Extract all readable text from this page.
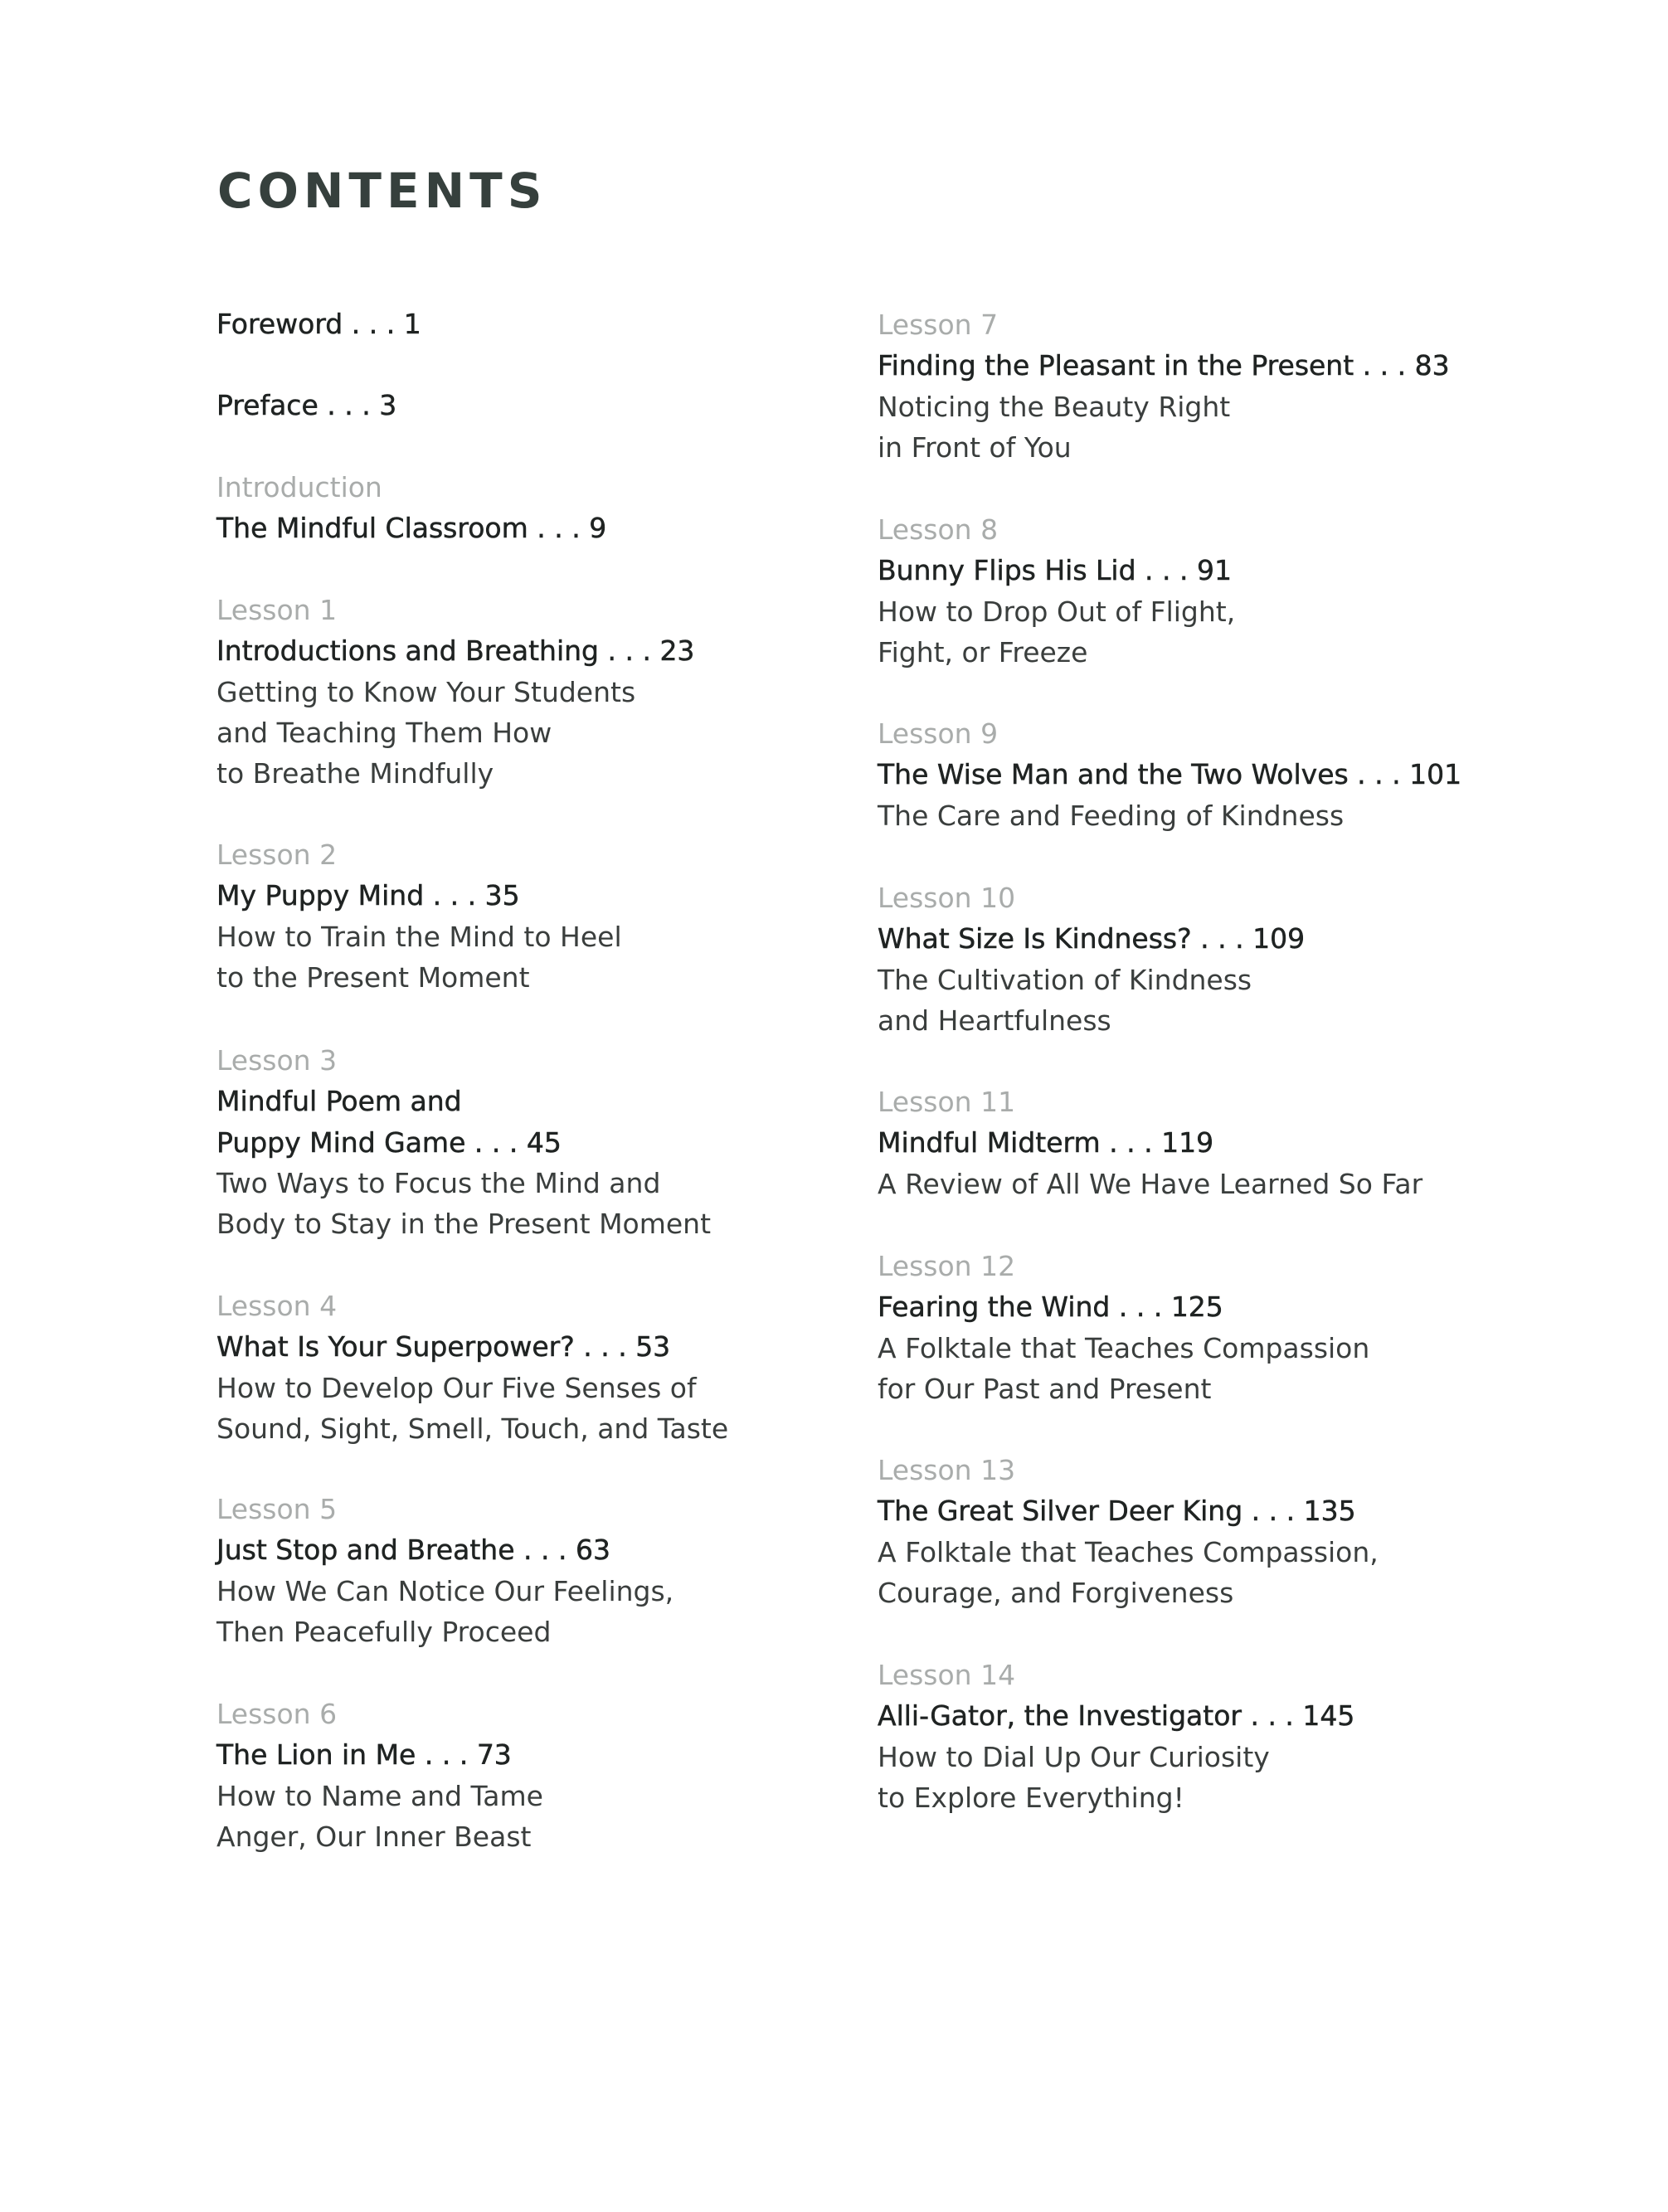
CONTENTS
Foreword . . . 1
Preface . . . 3
Introduction
The Mindful Classroom . . . 9
Lesson 1
Introductions and Breathing . . . 23
Getting to Know Your Students
and Teaching Them How
to Breathe Mindfully
Lesson 2
My Puppy Mind . . . 35
How to Train the Mind to Heel
to the Present Moment
Lesson 3
Mindful Poem and
Puppy Mind Game . . . 45
Two Ways to Focus the Mind and
Body to Stay in the Present Moment
Lesson 4
What Is Your Superpower? . . . 53
How to Develop Our Five Senses of
Sound, Sight, Smell, Touch, and Taste
Lesson 5
Just Stop and Breathe . . . 63
How We Can Notice Our Feelings,
Then Peacefully Proceed
Lesson 6
The Lion in Me . . . 73
How to Name and Tame
Anger, Our Inner Beast
Lesson 7
Finding the Pleasant in the Present . . . 83
Noticing the Beauty Right
in Front of You
Lesson 8
Bunny Flips His Lid . . . 91
How to Drop Out of Flight,
Fight, or Freeze
Lesson 9
The Wise Man and the Two Wolves . . . 101
The Care and Feeding of Kindness
Lesson 10
What Size Is Kindness? . . . 109
The Cultivation of Kindness
and Heartfulness
Lesson 11
Mindful Midterm . . . 119
A Review of All We Have Learned So Far
Lesson 12
Fearing the Wind . . . 125
A Folktale that Teaches Compassion
for Our Past and Present
Lesson 13
The Great Silver Deer King . . . 135
A Folktale that Teaches Compassion,
Courage, and Forgiveness
Lesson 14
Alli-Gator, the Investigator . . . 145
How to Dial Up Our Curiosity
to Explore Everything!
